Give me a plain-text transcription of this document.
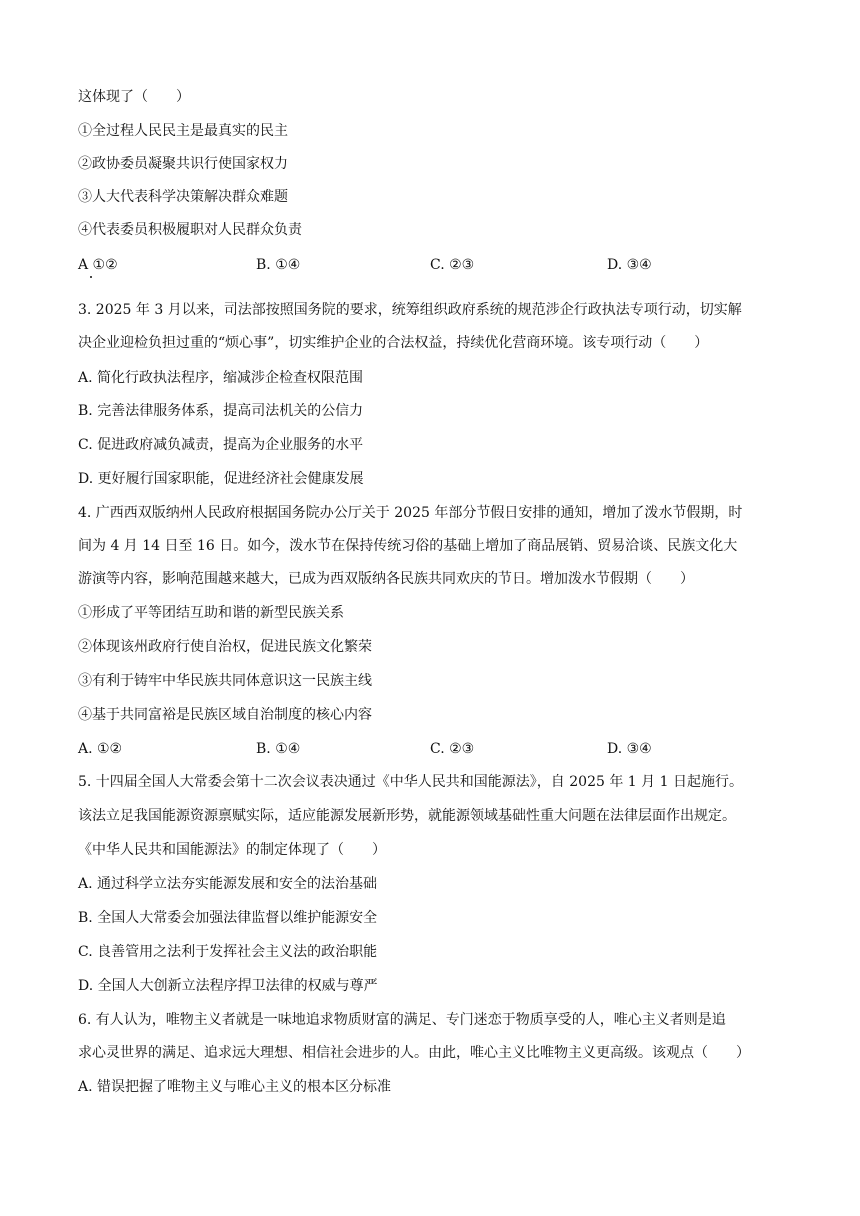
这体现了（　　）
①全过程人民民主是最真实的民主
②政协委员凝聚共识行使国家权力
③人大代表科学决策解决群众难题
④代表委员积极履职对人民群众负责
A ①②	B. ①④	C. ②③	D. ③④
3. 2025 年 3 月以来，司法部按照国务院的要求，统筹组织政府系统的规范涉企行政执法专项行动，切实解
决企业迎检负担过重的“烦心事”，切实维护企业的合法权益，持续优化营商环境。该专项行动（　　）
A. 简化行政执法程序，缩减涉企检查权限范围
B. 完善法律服务体系，提高司法机关的公信力
C. 促进政府减负减责，提高为企业服务的水平
D. 更好履行国家职能，促进经济社会健康发展
4. 广西西双版纳州人民政府根据国务院办公厅关于 2025 年部分节假日安排的通知，增加了泼水节假期，时
间为 4 月 14 日至 16 日。如今，泼水节在保持传统习俗的基础上增加了商品展销、贸易洽谈、民族文化大
游演等内容，影响范围越来越大，已成为西双版纳各民族共同欢庆的节日。增加泼水节假期（　　）
①形成了平等团结互助和谐的新型民族关系
②体现该州政府行使自治权，促进民族文化繁荣
③有利于铸牢中华民族共同体意识这一民族主线
④基于共同富裕是民族区域自治制度的核心内容
A. ①②	B. ①④	C. ②③	D. ③④
5. 十四届全国人大常委会第十二次会议表决通过《中华人民共和国能源法》，自 2025 年 1 月 1 日起施行。
该法立足我国能源资源禀赋实际，适应能源发展新形势，就能源领域基础性重大问题在法律层面作出规定。
《中华人民共和国能源法》的制定体现了（　　）
A. 通过科学立法夯实能源发展和安全的法治基础
B. 全国人大常委会加强法律监督以维护能源安全
C. 良善管用之法利于发挥社会主义法的政治职能
D. 全国人大创新立法程序捍卫法律的权威与尊严
6. 有人认为，唯物主义者就是一味地追求物质财富的满足、专门迷恋于物质享受的人，唯心主义者则是追
求心灵世界的满足、追求远大理想、相信社会进步的人。由此，唯心主义比唯物主义更高级。该观点（　　）
A. 错误把握了唯物主义与唯心主义的根本区分标准
